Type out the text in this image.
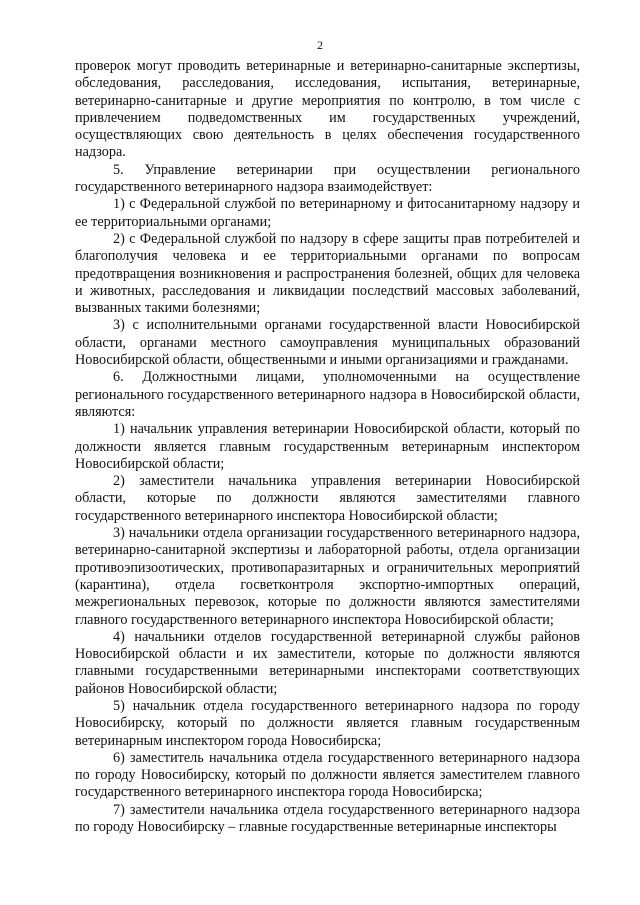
2

проверок могут проводить ветеринарные и ветеринарно-санитарные экспертизы, обследования, расследования, исследования, испытания, ветеринарные, ветеринарно-санитарные и другие мероприятия по контролю, в том числе с привлечением подведомственных им государственных учреждений, осуществляющих свою деятельность в целях обеспечения государственного надзора.

5. Управление ветеринарии при осуществлении регионального государственного ветеринарного надзора взаимодействует:

1) с Федеральной службой по ветеринарному и фитосанитарному надзору и ее территориальными органами;

2) с Федеральной службой по надзору в сфере защиты прав потребителей и благополучия человека и ее территориальными органами по вопросам предотвращения возникновения и распространения болезней, общих для человека и животных, расследования и ликвидации последствий массовых заболеваний, вызванных такими болезнями;

3) с исполнительными органами государственной власти Новосибирской области, органами местного самоуправления муниципальных образований Новосибирской области, общественными и иными организациями и гражданами.

6. Должностными лицами, уполномоченными на осуществление регионального государственного ветеринарного надзора в Новосибирской области, являются:

1) начальник управления ветеринарии Новосибирской области, который по должности является главным государственным ветеринарным инспектором Новосибирской области;

2) заместители начальника управления ветеринарии Новосибирской области, которые по должности являются заместителями главного государственного ветеринарного инспектора Новосибирской области;

3) начальники отдела организации государственного ветеринарного надзора, ветеринарно-санитарной экспертизы и лабораторной работы, отдела организации противоэпизоотических, противопаразитарных и ограничительных мероприятий (карантина), отдела госветконтроля экспортно-импортных операций, межрегиональных перевозок, которые по должности являются заместителями главного государственного ветеринарного инспектора Новосибирской области;

4) начальники отделов государственной ветеринарной службы районов Новосибирской области и их заместители, которые по должности являются главными государственными ветеринарными инспекторами соответствующих районов Новосибирской области;

5) начальник отдела государственного ветеринарного надзора по городу Новосибирску, который по должности является главным государственным ветеринарным инспектором города Новосибирска;

6) заместитель начальника отдела государственного ветеринарного надзора по городу Новосибирску, который по должности является заместителем главного государственного ветеринарного инспектора города Новосибирска;

7) заместители начальника отдела государственного ветеринарного надзора по городу Новосибирску – главные государственные ветеринарные инспекторы
